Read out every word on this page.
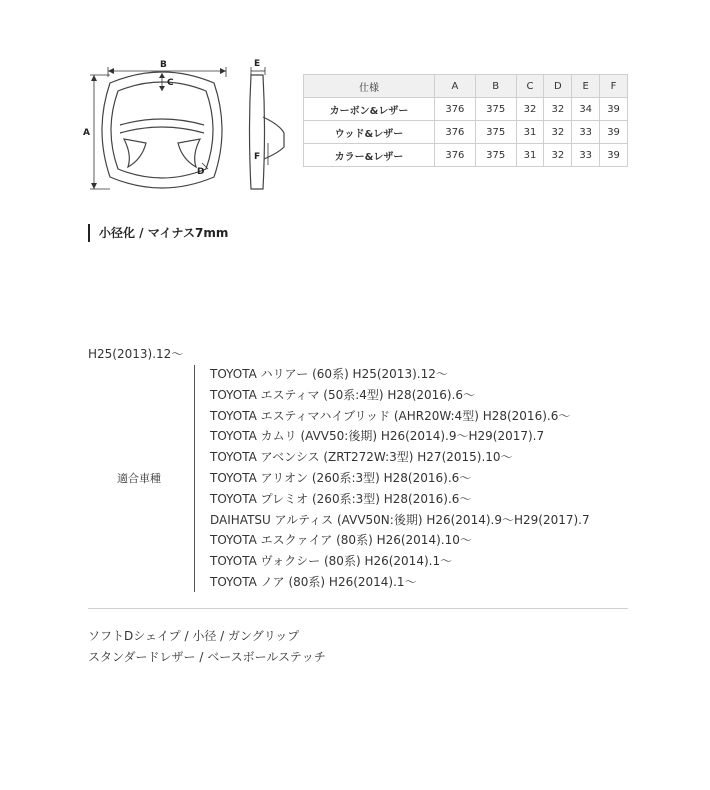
A
B
C
D
E
F
仕様	A	B	C	D	E	F
カーボン&レザー	376	375	32	32	34	39
ウッド&レザー	376	375	31	32	33	39
カラー&レザー	376	375	31	32	33	39
小径化 / マイナス7mm
H25(2013).12～
適合車種
TOYOTA ハリアー (60系) H25(2013).12～
TOYOTA エスティマ (50系:4型) H28(2016).6～
TOYOTA エスティマハイブリッド (AHR20W:4型) H28(2016).6～
TOYOTA カムリ (AVV50:後期) H26(2014).9～H29(2017).7
TOYOTA アベンシス (ZRT272W:3型) H27(2015).10～
TOYOTA アリオン (260系:3型) H28(2016).6～
TOYOTA プレミオ (260系:3型) H28(2016).6～
DAIHATSU アルティス (AVV50N:後期) H26(2014).9～H29(2017).7
TOYOTA エスクァイア (80系) H26(2014).10～
TOYOTA ヴォクシー (80系) H26(2014).1～
TOYOTA ノア (80系) H26(2014).1～
ソフトDシェイプ / 小径 / ガングリップ
スタンダードレザー / ベースボールステッチ
